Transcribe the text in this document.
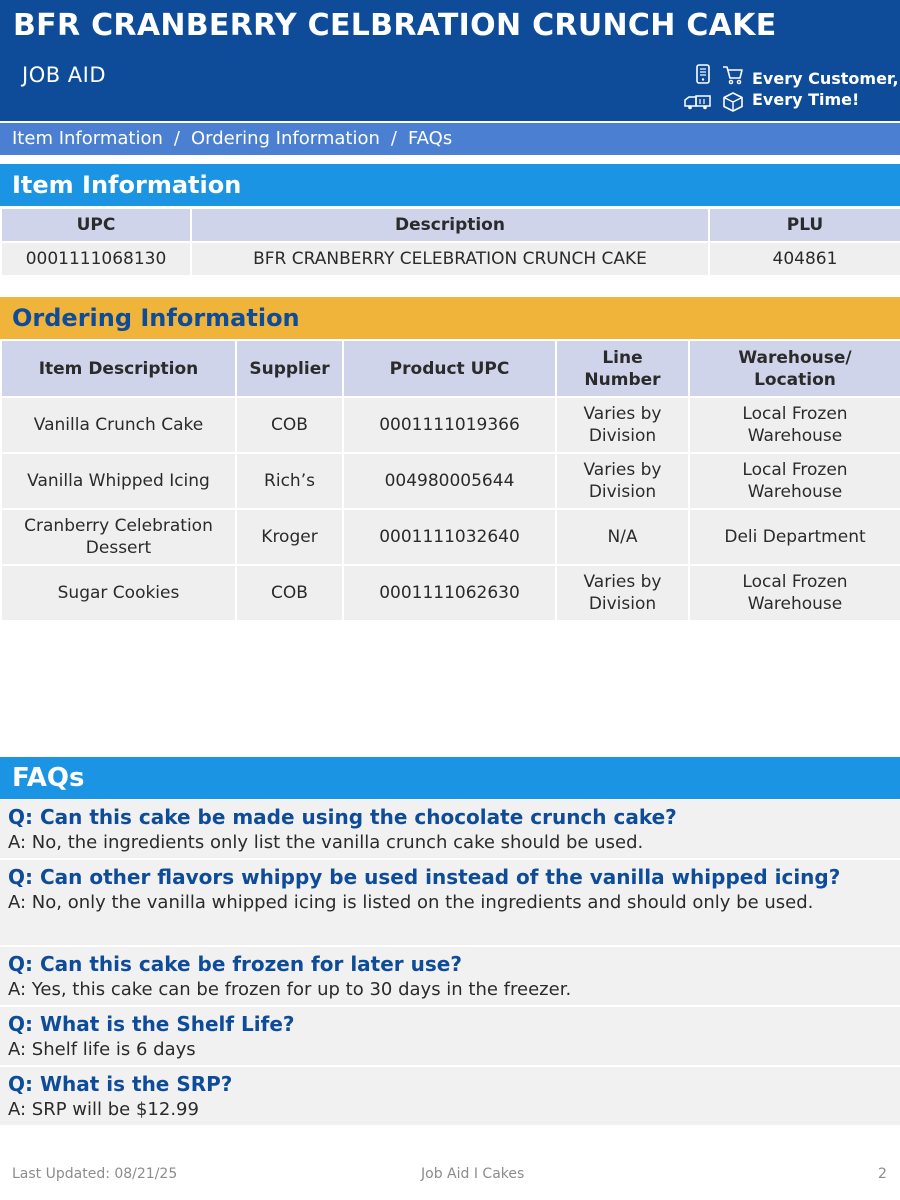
BFR CRANBERRY CELBRATION CRUNCH CAKE
JOB AID	Every Customer,
Every Time!
Item Information / Ordering Information / FAQs
Item Information
UPC	Description	PLU
0001111068130	BFR CRANBERRY CELEBRATION CRUNCH CAKE	404861
Ordering Information
Item Description	Supplier	Product UPC	Line Number	Warehouse/ Location
Vanilla Crunch Cake	COB	0001111019366	Varies by Division	Local Frozen Warehouse
Vanilla Whipped Icing	Rich’s	004980005644	Varies by Division	Local Frozen Warehouse
Cranberry Celebration Dessert	Kroger	0001111032640	N/A	Deli Department
Sugar Cookies	COB	0001111062630	Varies by Division	Local Frozen Warehouse
FAQs
Q: Can this cake be made using the chocolate crunch cake?
A: No, the ingredients only list the vanilla crunch cake should be used.
Q: Can other flavors whippy be used instead of the vanilla whipped icing?
A: No, only the vanilla whipped icing is listed on the ingredients and should only be used.
Q: Can this cake be frozen for later use?
A: Yes, this cake can be frozen for up to 30 days in the freezer.
Q: What is the Shelf Life?
A: Shelf life is 6 days
Q: What is the SRP?
A: SRP will be $12.99
Last Updated: 08/21/25	Job Aid I Cakes	2
